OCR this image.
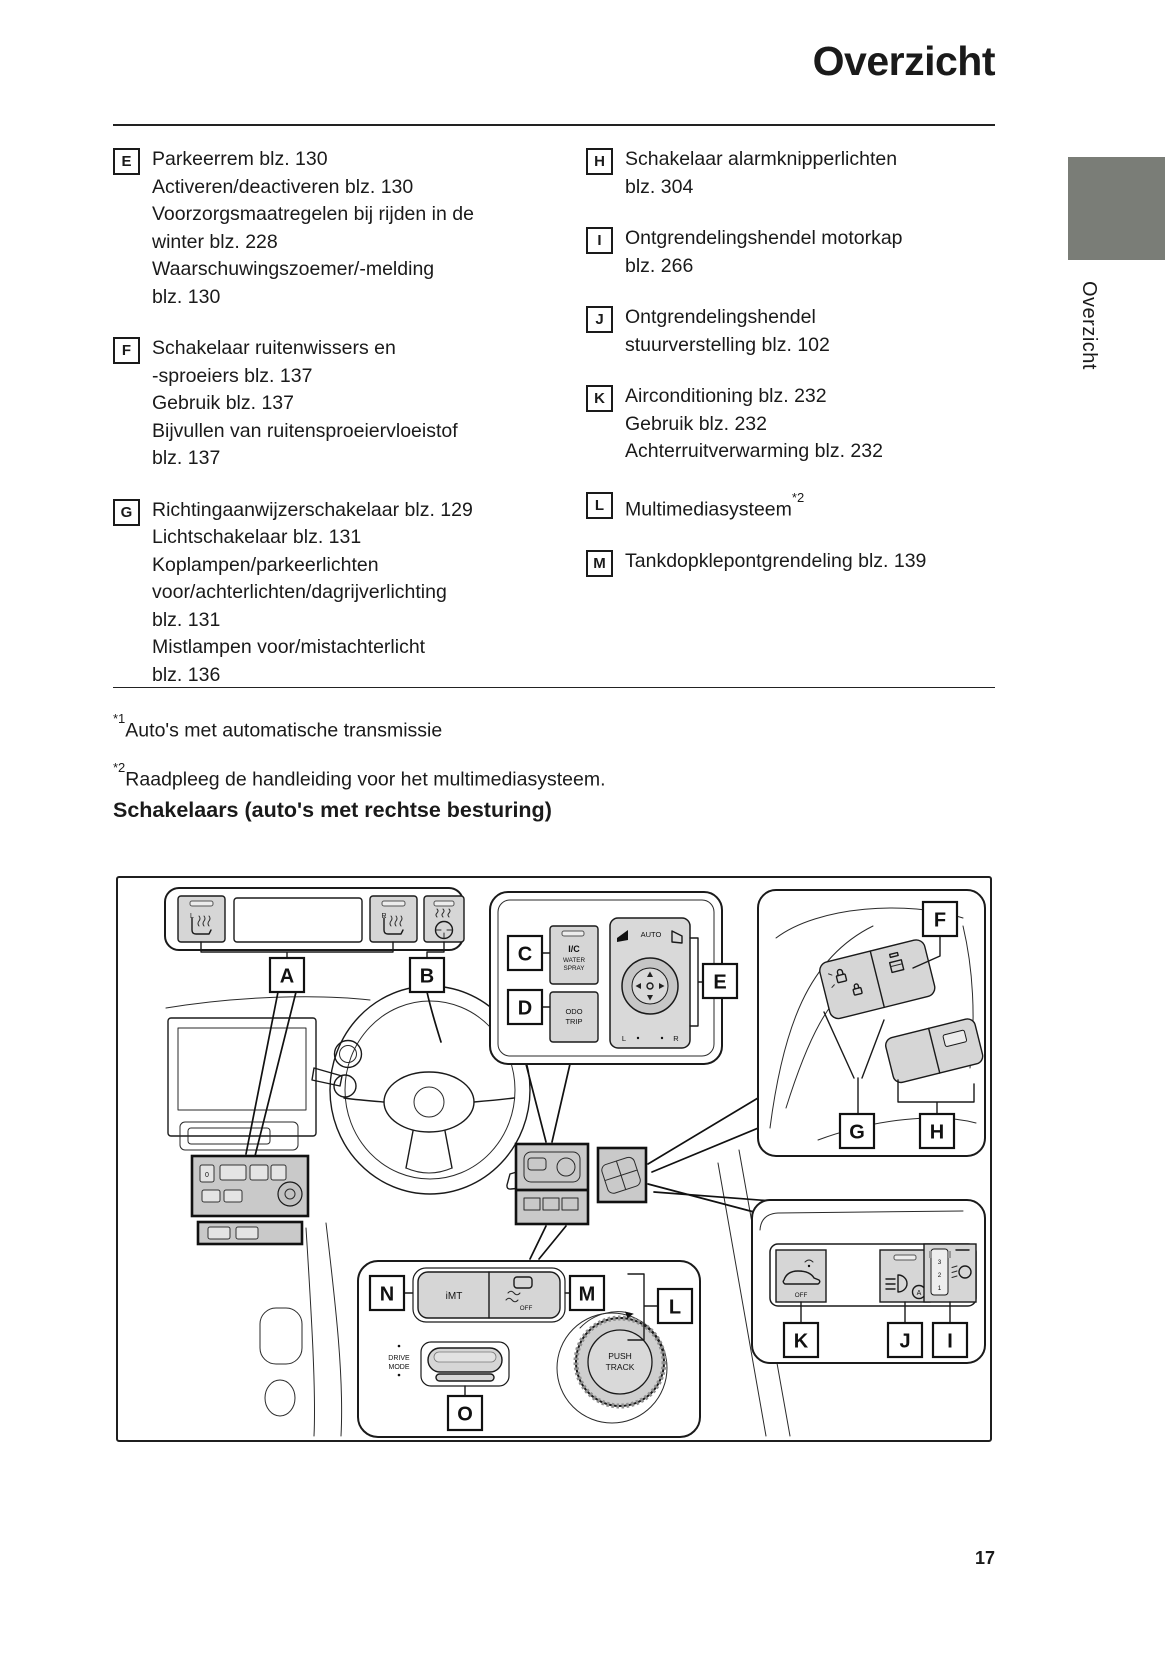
Overzicht
Overzicht
E	Parkeerrem blz. 130
Activeren/deactiveren blz. 130
Voorzorgsmaatregelen bij rijden in de
winter blz. 228
Waarschuwingszoemer/-melding
blz. 130
F	Schakelaar ruitenwissers en
-sproeiers blz. 137
Gebruik blz. 137
Bijvullen van ruitensproeiervloeistof
blz. 137
G	Richtingaanwijzerschakelaar blz. 129
Lichtschakelaar blz. 131
Koplampen/parkeerlichten
voor/achterlichten/dagrijverlichting
blz. 131
Mistlampen voor/mistachterlicht
blz. 136
H	Schakelaar alarmknipperlichten
blz. 304
I	Ontgrendelingshendel motorkap
blz. 266
J	Ontgrendelingshendel
stuurverstelling blz. 102
K	Airconditioning blz. 232
Gebruik blz. 232
Achterruitverwarming blz. 232
L	Multimediasysteem$^{*2}$
M Tankdopklepontgrendeling blz. 139
$^{*1}$Auto's met automatische transmissie
$^{*2}$Raadpleeg de handleiding voor het multimediasysteem.
Schakelaars (auto's met rechtse besturing)
0
L	R
A	B
I/C
WATER
SPRAY
ODO
TRIP
AUTO
L	R
C
D
E
F
G	H
iMT
OFF
DRIVE
MODE
PUSH
TRACK
N	M
O
L
OFF	A
3
2
1
K	J I
17
